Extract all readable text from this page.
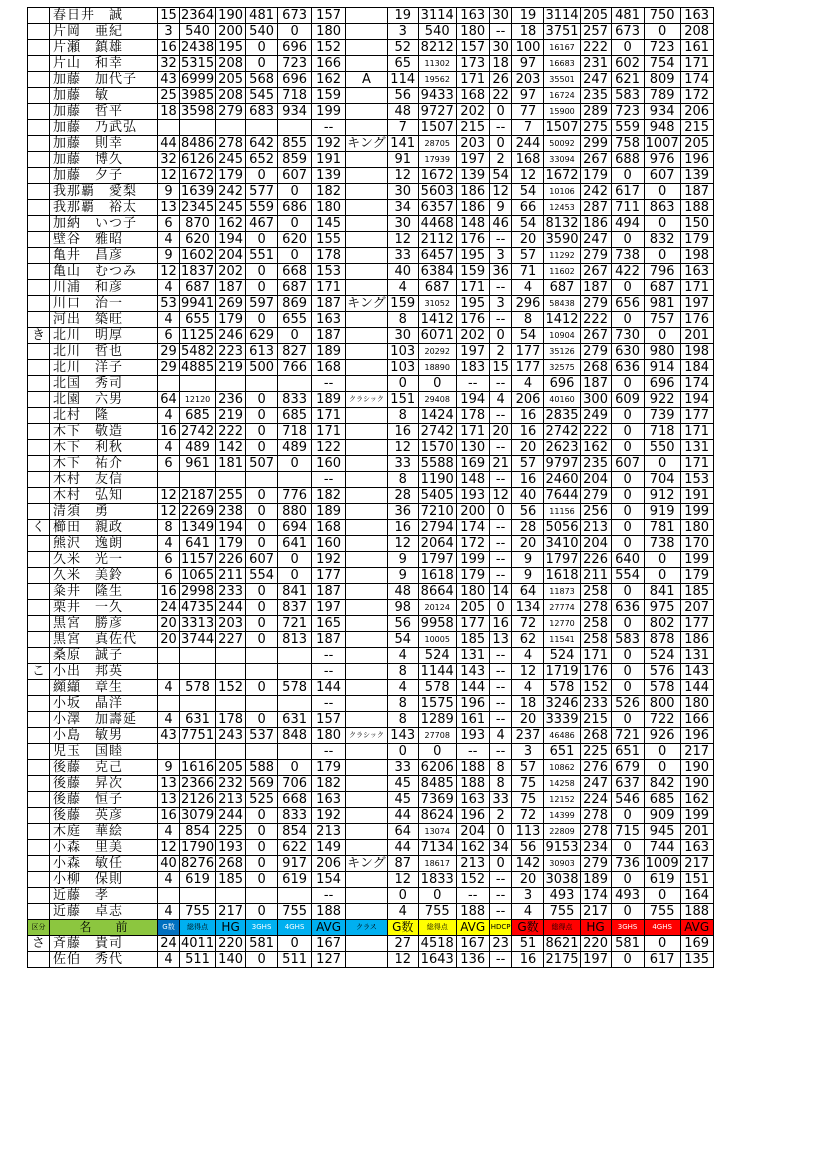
	春日井　誠	15	2364	190	481	673	157		19	3114	163	30	19	3114	205	481	750	163
	片岡　亜紀	3	540	200	540	0	180		3	540	180	--	18	3751	257	673	0	208
	片瀬　鎮雄	16	2438	195	0	696	152		52	8212	157	30	100	16167	222	0	723	161
	片山　和幸	32	5315	208	0	723	166		65	11302	173	18	97	16683	231	602	754	171
	加藤　加代子	43	6999	205	568	696	162	A	114	19562	171	26	203	35501	247	621	809	174
	加藤　敏	25	3985	208	545	718	159		56	9433	168	22	97	16724	235	583	789	172
	加藤　哲平	18	3598	279	683	934	199		48	9727	202	0	77	15900	289	723	934	206
	加藤　乃武弘						--		7	1507	215	--	7	1507	275	559	948	215
	加藤　則幸	44	8486	278	642	855	192	キング	141	28705	203	0	244	50092	299	758	1007	205
	加藤　博久	32	6126	245	652	859	191		91	17939	197	2	168	33094	267	688	976	196
	加藤　夕子	12	1672	179	0	607	139		12	1672	139	54	12	1672	179	0	607	139
	我那覇　愛梨	9	1639	242	577	0	182		30	5603	186	12	54	10106	242	617	0	187
	我那覇　裕太	13	2345	245	559	686	180		34	6357	186	9	66	12453	287	711	863	188
	加納　いつ子	6	870	162	467	0	145		30	4468	148	46	54	8132	186	494	0	150
	壁谷　雅昭	4	620	194	0	620	155		12	2112	176	--	20	3590	247	0	832	179
	亀井　昌彦	9	1602	204	551	0	178		33	6457	195	3	57	11292	279	738	0	198
	亀山　むつみ	12	1837	202	0	668	153		40	6384	159	36	71	11602	267	422	796	163
	川浦　和彦	4	687	187	0	687	171		4	687	171	--	4	687	187	0	687	171
	川口　治一	53	9941	269	597	869	187	キング	159	31052	195	3	296	58438	279	656	981	197
	河出　築旺	4	655	179	0	655	163		8	1412	176	--	8	1412	222	0	757	176
き	北川　明厚	6	1125	246	629	0	187		30	6071	202	0	54	10904	267	730	0	201
	北川　哲也	29	5482	223	613	827	189		103	20292	197	2	177	35126	279	630	980	198
	北川　洋子	29	4885	219	500	766	168		103	18890	183	15	177	32575	268	636	914	184
	北国　秀司						--		0	0	--	--	4	696	187	0	696	174
	北園　六男	64	12120	236	0	833	189	クラシック	151	29408	194	4	206	40160	300	609	922	194
	北村　隆	4	685	219	0	685	171		8	1424	178	--	16	2835	249	0	739	177
	木下　敬造	16	2742	222	0	718	171		16	2742	171	20	16	2742	222	0	718	171
	木下　利秋	4	489	142	0	489	122		12	1570	130	--	20	2623	162	0	550	131
	木下　祐介	6	961	181	507	0	160		33	5588	169	21	57	9797	235	607	0	171
	木村　友信						--		8	1190	148	--	16	2460	204	0	704	153
	木村　弘知	12	2187	255	0	776	182		28	5405	193	12	40	7644	279	0	912	191
	清須　勇	12	2269	238	0	880	189		36	7210	200	0	56	11156	256	0	919	199
く	櫛田　親政	8	1349	194	0	694	168		16	2794	174	--	28	5056	213	0	781	180
	熊沢　逸朗	4	641	179	0	641	160		12	2064	172	--	20	3410	204	0	738	170
	久米　光一	6	1157	226	607	0	192		9	1797	199	--	9	1797	226	640	0	199
	久米　美鈴	6	1065	211	554	0	177		9	1618	179	--	9	1618	211	554	0	179
	粂井　隆生	16	2998	233	0	841	187		48	8664	180	14	64	11873	258	0	841	185
	栗井　一久	24	4735	244	0	837	197		98	20124	205	0	134	27774	278	636	975	207
	黒宮　勝彦	20	3313	203	0	721	165		56	9958	177	16	72	12770	258	0	802	177
	黒宮　真佐代	20	3744	227	0	813	187		54	10005	185	13	62	11541	258	583	878	186
	桑原　誠子						--		4	524	131	--	4	524	171	0	524	131
こ	小出　邦英						--		8	1144	143	--	12	1719	176	0	576	143
	纐纈　章生	4	578	152	0	578	144		4	578	144	--	4	578	152	0	578	144
	小坂　晶洋						--		8	1575	196	--	18	3246	233	526	800	180
	小澤　加壽延	4	631	178	0	631	157		8	1289	161	--	20	3339	215	0	722	166
	小島　敏男	43	7751	243	537	848	180	クラシック	143	27708	193	4	237	46486	268	721	926	196
	児玉　国睦						--		0	0	--	--	3	651	225	651	0	217
	後藤　克己	9	1616	205	588	0	179		33	6206	188	8	57	10862	276	679	0	190
	後藤　昇次	13	2366	232	569	706	182		45	8485	188	8	75	14258	247	637	842	190
	後藤　恒子	13	2126	213	525	668	163		45	7369	163	33	75	12152	224	546	685	162
	後藤　英彦	16	3079	244	0	833	192		44	8624	196	2	72	14399	278	0	909	199
	木庭　華絵	4	854	225	0	854	213		64	13074	204	0	113	22809	278	715	945	201
	小森　里美	12	1790	193	0	622	149		44	7134	162	34	56	9153	234	0	744	163
	小森　敏任	40	8276	268	0	917	206	キング	87	18617	213	0	142	30903	279	736	1009	217
	小柳　保則	4	619	185	0	619	154		12	1833	152	--	20	3038	189	0	619	151
	近藤　孝						--		0	0	--	--	3	493	174	493	0	164
	近藤　卓志	4	755	217	0	755	188		4	755	188	--	4	755	217	0	755	188
区分	名　　前	G数	総得点	HG	3GHS	4GHS	AVG	クラス	G数	総得点	AVG	HDCP	G数	総得点	HG	3GHS	4GHS	AVG
さ	斉藤　貴司	24	4011	220	581	0	167		27	4518	167	23	51	8621	220	581	0	169
	佐伯　秀代	4	511	140	0	511	127		12	1643	136	--	16	2175	197	0	617	135
